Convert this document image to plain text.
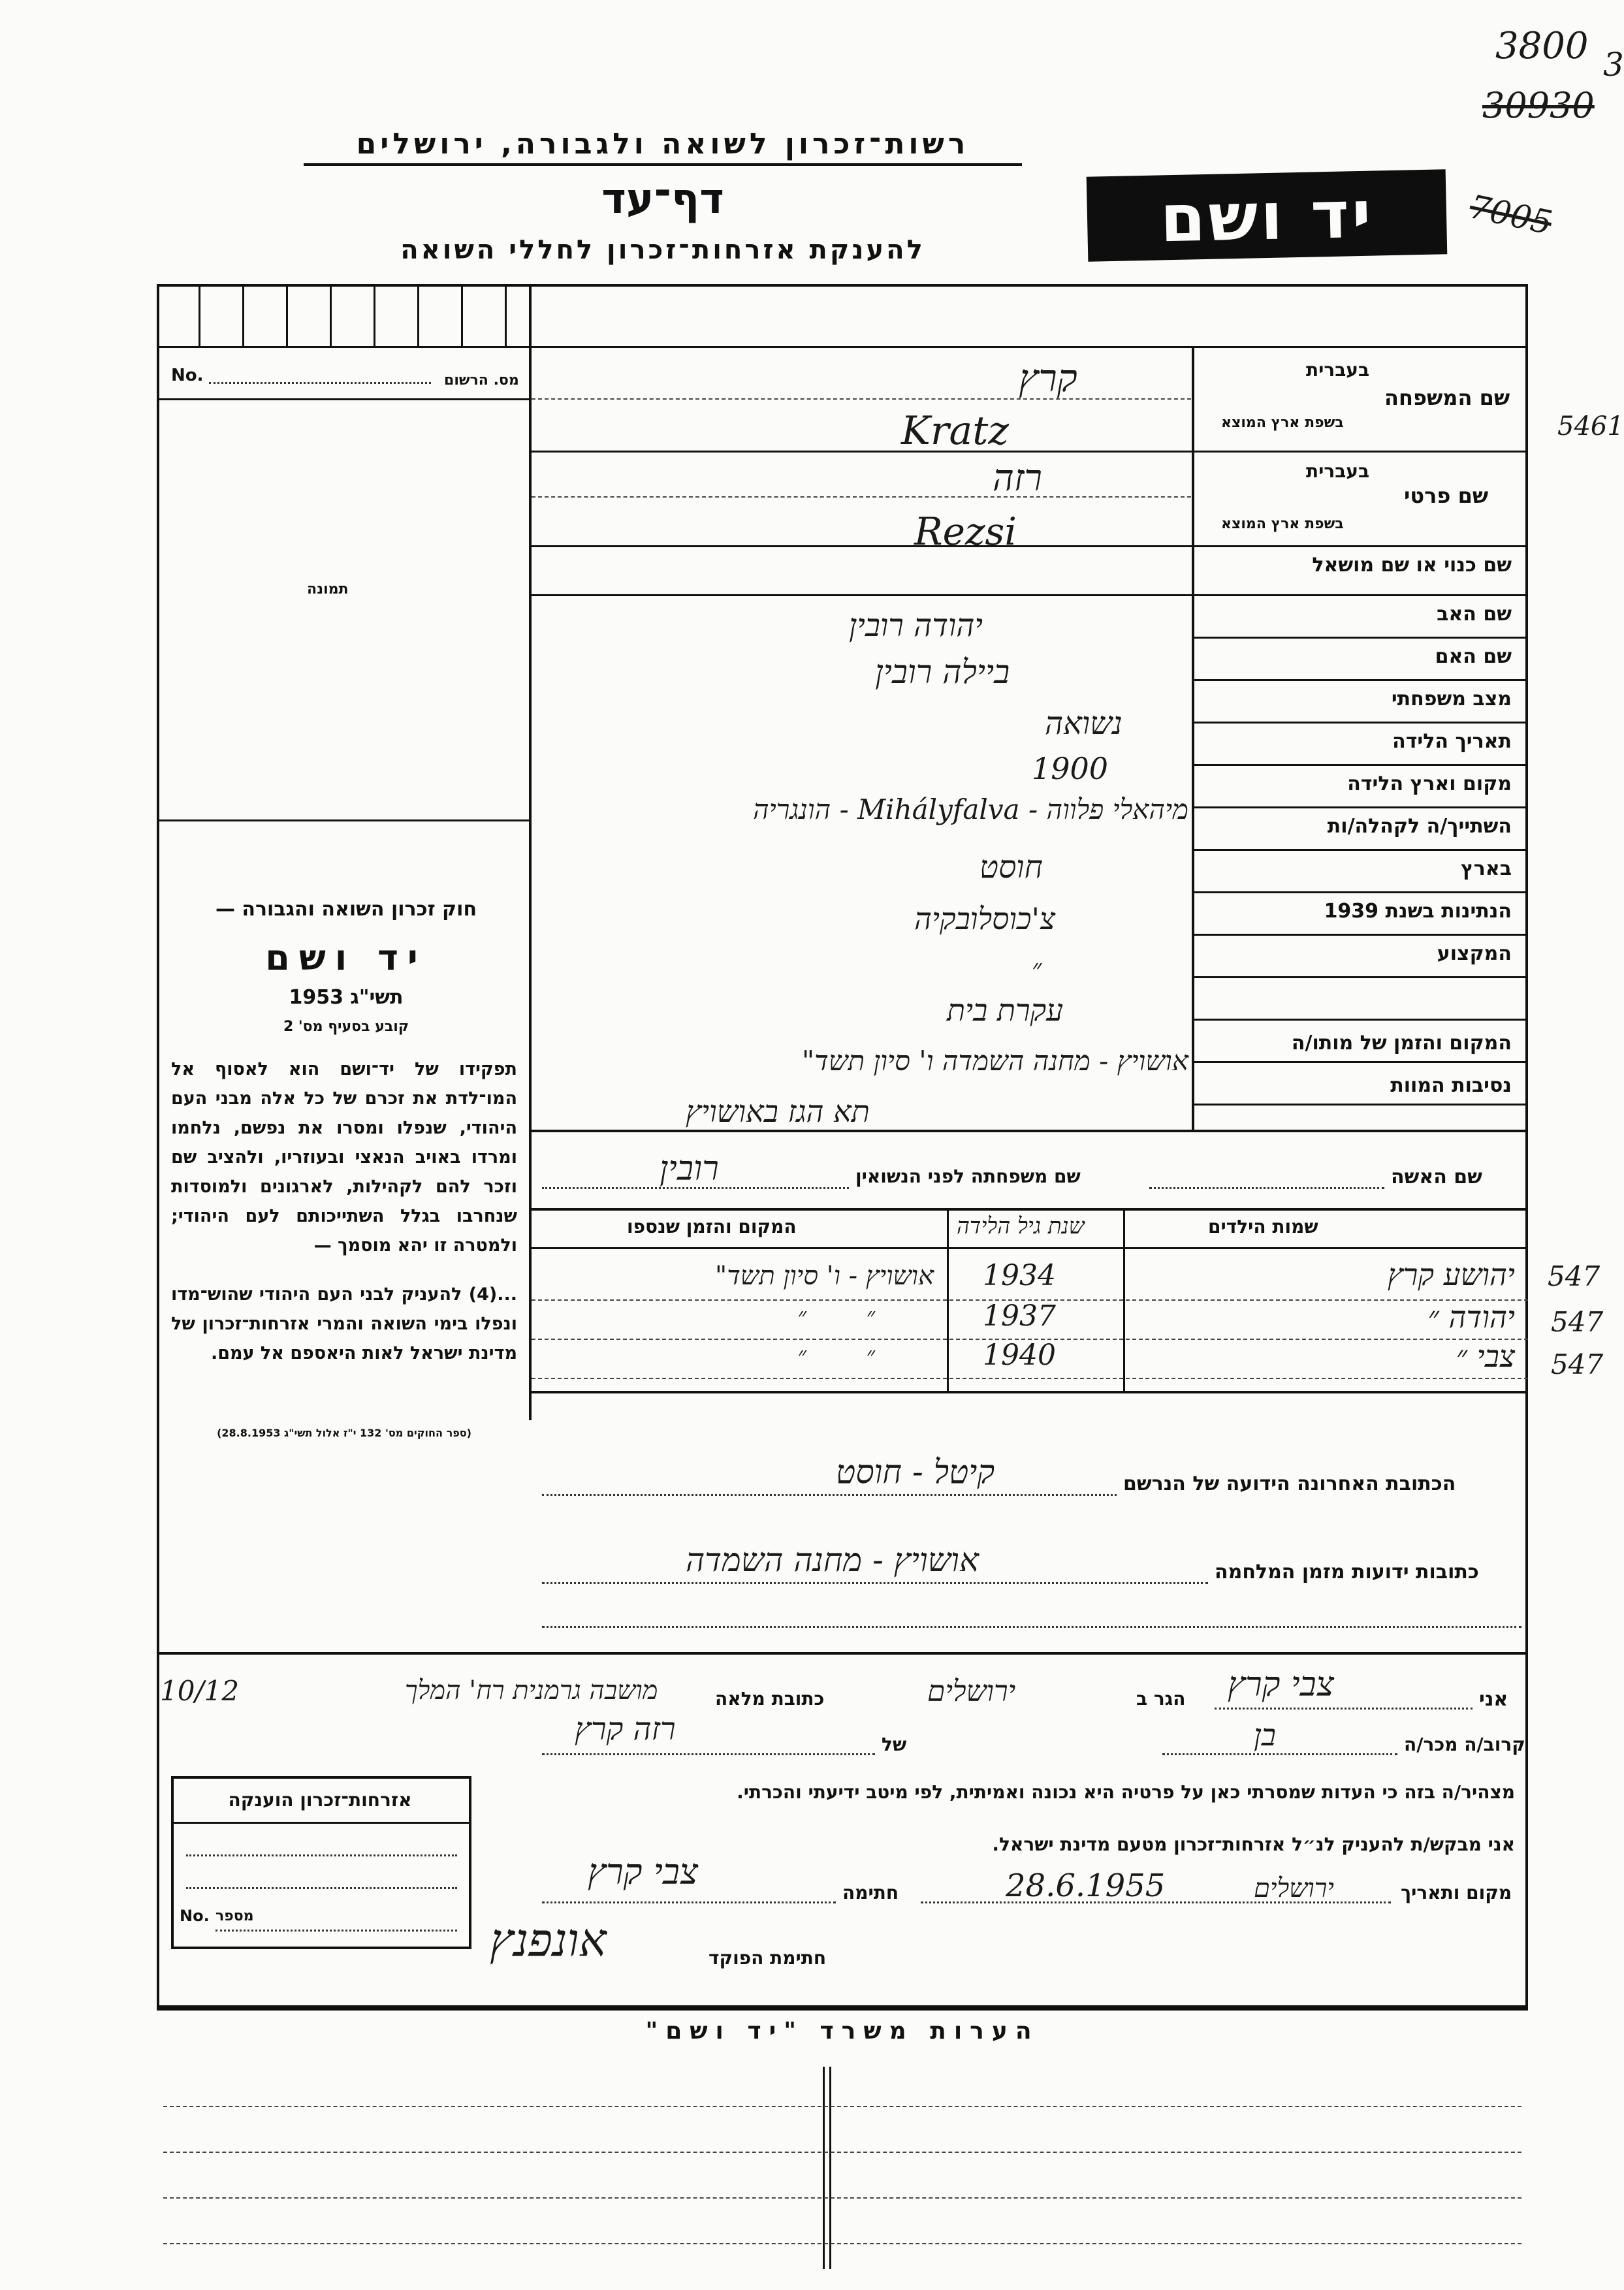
3800 3
30930
7005
5461
רשות־זכרון לשואה ולגבורה, ירושלים
דף־עד
להענקת אזרחות־זכרון לחללי השואה	יד ושם
No.	מס. הרשום
תמונה
חוק זכרון השואה והגבורה —
יד ושם
תשי"ג 1953
קובע בסעיף מס' 2
תפקידו של יד־ושם הוא לאסוף אל המו־לדת את זכרם של כל אלה מבני העם היהודי, שנפלו ומסרו את נפשם, נלחמו ומרדו באויב הנאצי ובעוזריו, ולהציב שם וזכר להם לקהילות, לארגונים ולמוסדות שנחרבו בגלל השתייכותם לעם היהודי; ולמטרה זו יהא מוסמך —
...(4) להעניק לבני העם היהודי שהוש־מדו ונפלו בימי השואה והמרי אזרחות־זכרון של מדינת ישראל לאות היאספם אל עמם.
(ספר החוקים מס' 132 י"ז אלול תשי"ג 28.8.1953)
בעברית
בשפת ארץ המוצא
שם המשפחה
קרץ
Kratz
בעברית
בשפת ארץ המוצא
שם פרטי
רזה
Rezsi
שם כנוי או שם מושאל
שם האב
שם האם
מצב משפחתי
תאריך הלידה
מקום וארץ הלידה
השתייך/ה לקהלה/ות
בארץ
הנתינות בשנת 1939
המקצוע
המקום והזמן של מותו/ה
נסיבות המוות
יהודה רובין
ביילה רובין
נשואה
1900
מיהאלי פלווה - Mihályfalva - הונגריה
חוסט
צ'כוסלובקיה
״
עקרת בית
אושויץ - מחנה השמדה ו' סיון תשד"
תא הגז באושויץ
שם האשה
שם משפחתה לפני הנשואין
רובין
שמות הילדים
שנת גיל הלידה
המקום והזמן שנספו
יהושע קרץ
1934
אושויץ - ו' סיון תשד"
יהודה ״
1937
״ ״
צבי ״
1940
״ ״
547
547
547
הכתובת האחרונה הידועה של הנרשם
קיטל - חוסט
כתובות ידועות מזמן המלחמה
אושויץ - מחנה השמדה
אני
צבי קרץ
הגר ב
ירושלים
כתובת מלאה
מושבה גרמנית רח' המלך
10/12
קרוב/ה מכר/ה
בן
של
רזה קרץ
מצהיר/ה בזה כי העדות שמסרתי כאן על פרטיה היא נכונה ואמיתית, לפי מיטב ידיעתי והכרתי.
אני מבקש/ת להעניק לנ״ל אזרחות־זכרון מטעם מדינת ישראל.
מקום ותאריך
ירושלים
28.6.1955
חתימה
צבי קרץ
חתימת הפוקד
אונפנץ
אזרחות־זכרון הוענקה
No. מספר
הערות משרד "יד ושם"
